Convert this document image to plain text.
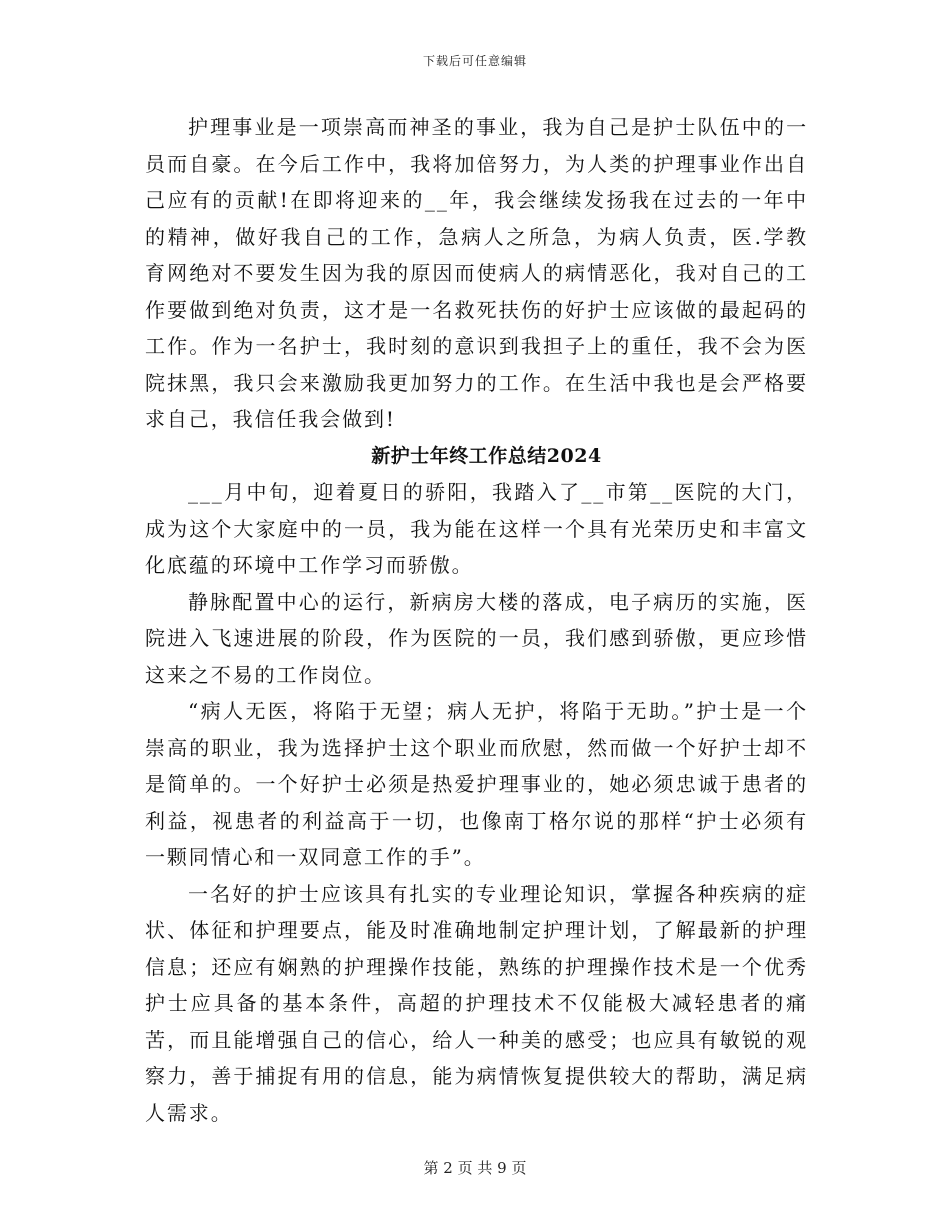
下载后可任意编辑

护理事业是一项崇高而神圣的事业，我为自己是护士队伍中的一员而自豪。在今后工作中，我将加倍努力，为人类的护理事业作出自己应有的贡献!在即将迎来的__年，我会继续发扬我在过去的一年中的精神，做好我自己的工作，急病人之所急，为病人负责，医.学教育网绝对不要发生因为我的原因而使病人的病情恶化，我对自己的工作要做到绝对负责，这才是一名救死扶伤的好护士应该做的最起码的工作。作为一名护士，我时刻的意识到我担子上的重任，我不会为医院抹黑，我只会来激励我更加努力的工作。在生活中我也是会严格要求自己，我信任我会做到!

新护士年终工作总结2024

___月中旬，迎着夏日的骄阳，我踏入了__市第__医院的大门，成为这个大家庭中的一员，我为能在这样一个具有光荣历史和丰富文化底蕴的环境中工作学习而骄傲。

静脉配置中心的运行，新病房大楼的落成，电子病历的实施，医院进入飞速进展的阶段，作为医院的一员，我们感到骄傲，更应珍惜这来之不易的工作岗位。

“病人无医，将陷于无望；病人无护，将陷于无助。”护士是一个崇高的职业，我为选择护士这个职业而欣慰，然而做一个好护士却不是简单的。一个好护士必须是热爱护理事业的，她必须忠诚于患者的利益，视患者的利益高于一切，也像南丁格尔说的那样“护士必须有一颗同情心和一双同意工作的手”。

一名好的护士应该具有扎实的专业理论知识，掌握各种疾病的症状、体征和护理要点，能及时准确地制定护理计划，了解最新的护理信息；还应有娴熟的护理操作技能，熟练的护理操作技术是一个优秀护士应具备的基本条件，高超的护理技术不仅能极大减轻患者的痛苦，而且能增强自己的信心，给人一种美的感受；也应具有敏锐的观察力，善于捕捉有用的信息，能为病情恢复提供较大的帮助，满足病人需求。

第 2 页 共 9 页
